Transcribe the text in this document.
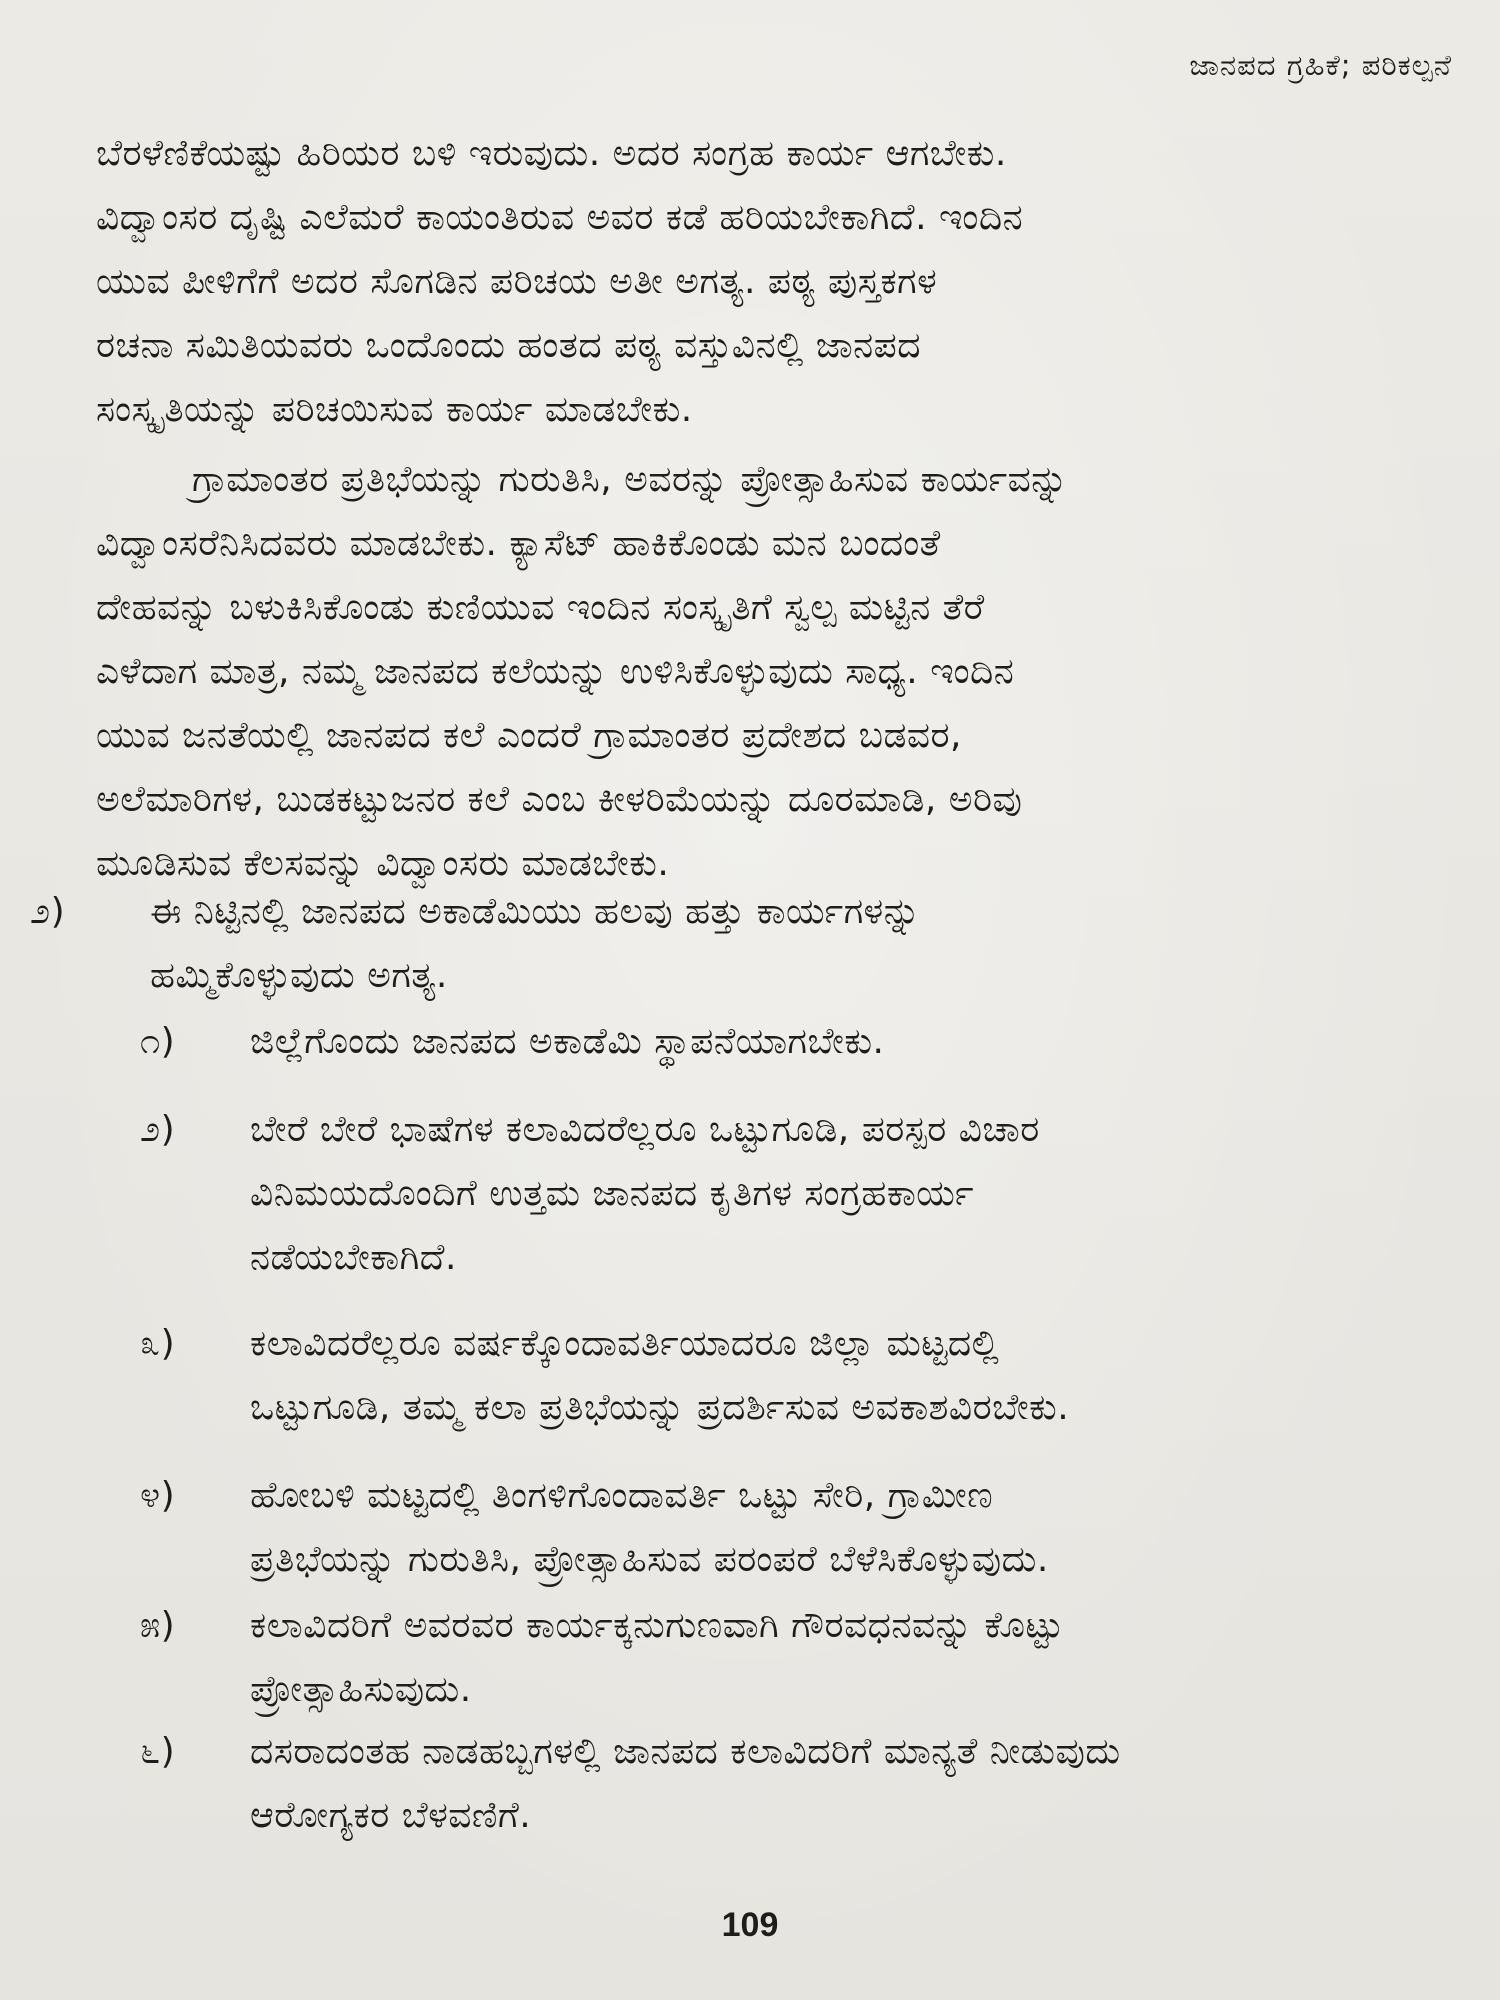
ಜಾನಪದ ಗ್ರಹಿಕೆ; ಪರಿಕಲ್ಪನೆ

ಬೆರಳೆಣಿಕೆಯಷ್ಟು ಹಿರಿಯರ ಬಳಿ ಇರುವುದು. ಅದರ ಸಂಗ್ರಹ ಕಾರ್ಯ ಆಗಬೇಕು.

ವಿದ್ವಾಂಸರ ದೃಷ್ಟಿ ಎಲೆಮರೆ ಕಾಯಂತಿರುವ ಅವರ ಕಡೆ ಹರಿಯಬೇಕಾಗಿದೆ. ಇಂದಿನ

ಯುವ ಪೀಳಿಗೆಗೆ ಅದರ ಸೊಗಡಿನ ಪರಿಚಯ ಅತೀ ಅಗತ್ಯ. ಪಠ್ಯ ಪುಸ್ತಕಗಳ

ರಚನಾ ಸಮಿತಿಯವರು ಒಂದೊಂದು ಹಂತದ ಪಠ್ಯ ವಸ್ತುವಿನಲ್ಲಿ ಜಾನಪದ

ಸಂಸ್ಕೃತಿಯನ್ನು ಪರಿಚಯಿಸುವ ಕಾರ್ಯ ಮಾಡಬೇಕು.

ಗ್ರಾಮಾಂತರ ಪ್ರತಿಭೆಯನ್ನು ಗುರುತಿಸಿ, ಅವರನ್ನು ಪ್ರೋತ್ಸಾಹಿಸುವ ಕಾರ್ಯವನ್ನು

ವಿದ್ವಾಂಸರೆನಿಸಿದವರು ಮಾಡಬೇಕು. ಕ್ಯಾಸೆಟ್ ಹಾಕಿಕೊಂಡು ಮನ ಬಂದಂತೆ

ದೇಹವನ್ನು ಬಳುಕಿಸಿಕೊಂಡು ಕುಣಿಯುವ ಇಂದಿನ ಸಂಸ್ಕೃತಿಗೆ ಸ್ವಲ್ಪ ಮಟ್ಟಿನ ತೆರೆ

ಎಳೆದಾಗ ಮಾತ್ರ, ನಮ್ಮ ಜಾನಪದ ಕಲೆಯನ್ನು ಉಳಿಸಿಕೊಳ್ಳುವುದು ಸಾಧ್ಯ. ಇಂದಿನ

ಯುವ ಜನತೆಯಲ್ಲಿ ಜಾನಪದ ಕಲೆ ಎಂದರೆ ಗ್ರಾಮಾಂತರ ಪ್ರದೇಶದ ಬಡವರ,

ಅಲೆಮಾರಿಗಳ, ಬುಡಕಟ್ಟುಜನರ ಕಲೆ ಎಂಬ ಕೀಳರಿಮೆಯನ್ನು ದೂರಮಾಡಿ, ಅರಿವು

ಮೂಡಿಸುವ ಕೆಲಸವನ್ನು ವಿದ್ವಾಂಸರು ಮಾಡಬೇಕು.

೨) ಈ ನಿಟ್ಟಿನಲ್ಲಿ ಜಾನಪದ ಅಕಾಡೆಮಿಯು ಹಲವು ಹತ್ತು ಕಾರ್ಯಗಳನ್ನು
ಹಮ್ಮಿಕೊಳ್ಳುವುದು ಅಗತ್ಯ.
೧) ಜಿಲ್ಲೆಗೊಂದು ಜಾನಪದ ಅಕಾಡೆಮಿ ಸ್ಥಾಪನೆಯಾಗಬೇಕು.
೨) ಬೇರೆ ಬೇರೆ ಭಾಷೆಗಳ ಕಲಾವಿದರೆಲ್ಲರೂ ಒಟ್ಟುಗೂಡಿ, ಪರಸ್ಪರ ವಿಚಾರ
ವಿನಿಮಯದೊಂದಿಗೆ ಉತ್ತಮ ಜಾನಪದ ಕೃತಿಗಳ ಸಂಗ್ರಹಕಾರ್ಯ
ನಡೆಯಬೇಕಾಗಿದೆ.
೩) ಕಲಾವಿದರೆಲ್ಲರೂ ವರ್ಷಕ್ಕೊಂದಾವರ್ತಿಯಾದರೂ ಜಿಲ್ಲಾ ಮಟ್ಟದಲ್ಲಿ
ಒಟ್ಟುಗೂಡಿ, ತಮ್ಮ ಕಲಾ ಪ್ರತಿಭೆಯನ್ನು ಪ್ರದರ್ಶಿಸುವ ಅವಕಾಶವಿರಬೇಕು.
೪) ಹೋಬಳಿ ಮಟ್ಟದಲ್ಲಿ ತಿಂಗಳಿಗೊಂದಾವರ್ತಿ ಒಟ್ಟು ಸೇರಿ, ಗ್ರಾಮೀಣ
ಪ್ರತಿಭೆಯನ್ನು ಗುರುತಿಸಿ, ಪ್ರೋತ್ಸಾಹಿಸುವ ಪರಂಪರೆ ಬೆಳೆಸಿಕೊಳ್ಳುವುದು.
೫) ಕಲಾವಿದರಿಗೆ ಅವರವರ ಕಾರ್ಯಕ್ಕನುಗುಣವಾಗಿ ಗೌರವಧನವನ್ನು ಕೊಟ್ಟು
ಪ್ರೋತ್ಸಾಹಿಸುವುದು.
೬) ದಸರಾದಂತಹ ನಾಡಹಬ್ಬಗಳಲ್ಲಿ ಜಾನಪದ ಕಲಾವಿದರಿಗೆ ಮಾನ್ಯತೆ ನೀಡುವುದು
ಆರೋಗ್ಯಕರ ಬೆಳವಣಿಗೆ.
109
